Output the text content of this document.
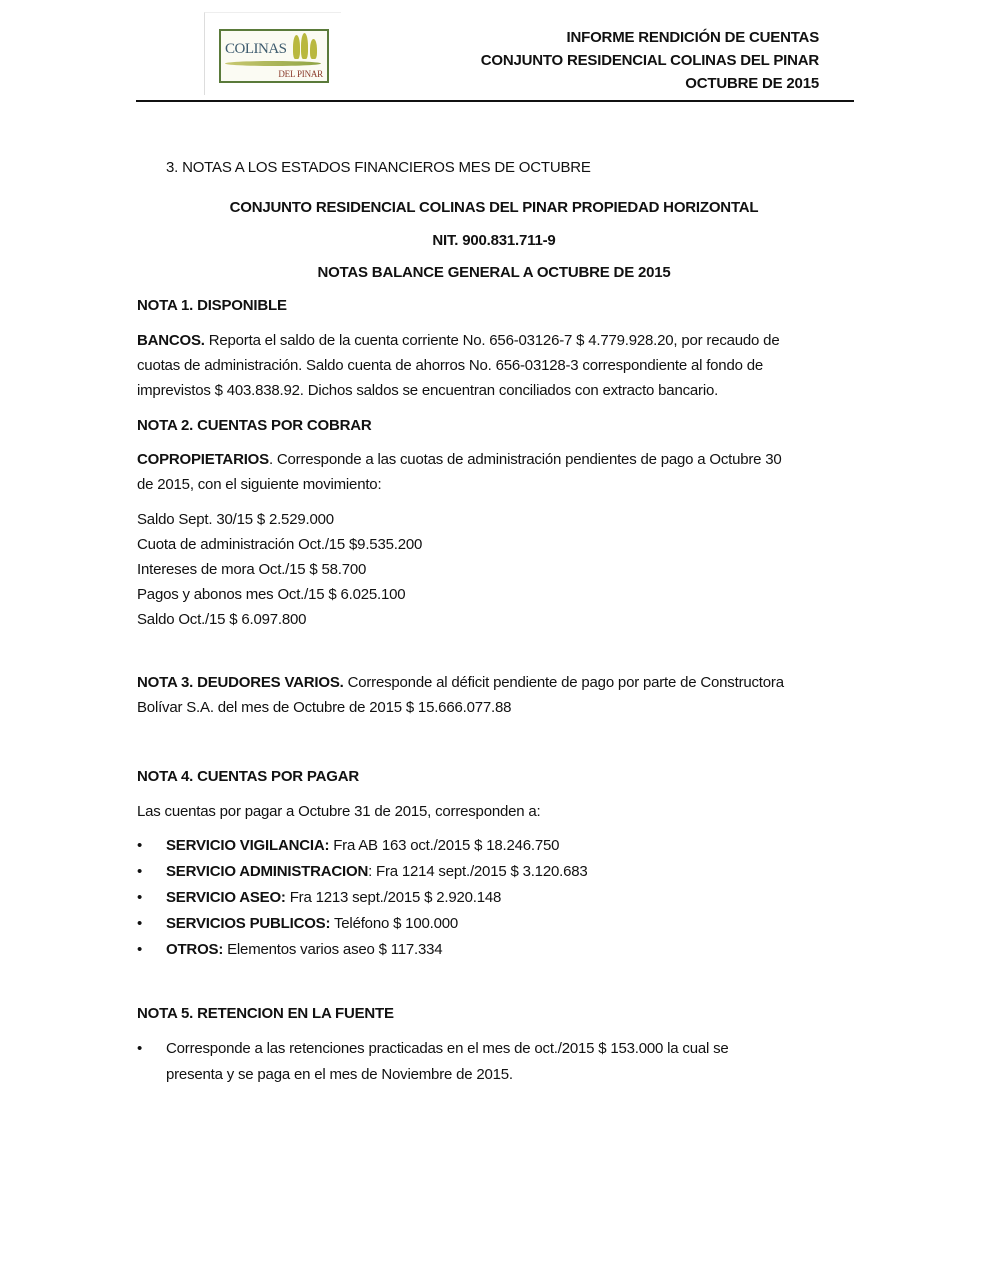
COLINAS
DEL PINAR
INFORME RENDICIÓN DE CUENTAS
CONJUNTO RESIDENCIAL COLINAS DEL PINAR
OCTUBRE DE 2015
3. NOTAS A LOS ESTADOS FINANCIEROS MES DE OCTUBRE
CONJUNTO RESIDENCIAL COLINAS DEL PINAR PROPIEDAD HORIZONTAL
NIT. 900.831.711-9
NOTAS BALANCE GENERAL A OCTUBRE DE 2015
NOTA 1. DISPONIBLE
BANCOS. Reporta el saldo de la cuenta corriente No. 656-03126-7 $ 4.779.928.20, por recaudo de
cuotas de administración. Saldo cuenta de ahorros No. 656-03128-3 correspondiente al fondo de
imprevistos $ 403.838.92. Dichos saldos se encuentran conciliados con extracto bancario.
NOTA 2. CUENTAS POR COBRAR
COPROPIETARIOS. Corresponde a las cuotas de administración pendientes de pago a Octubre 30
de 2015, con el siguiente movimiento:
Saldo Sept. 30/15 $ 2.529.000
Cuota de administración Oct./15 $9.535.200
Intereses de mora Oct./15 $ 58.700
Pagos y abonos mes Oct./15 $ 6.025.100
Saldo Oct./15 $ 6.097.800
NOTA 3. DEUDORES VARIOS. Corresponde al déficit pendiente de pago por parte de Constructora
Bolívar S.A. del mes de Octubre de 2015 $ 15.666.077.88
NOTA 4. CUENTAS POR PAGAR
Las cuentas por pagar a Octubre 31 de 2015, corresponden a:
• SERVICIO VIGILANCIA: Fra AB 163 oct./2015 $ 18.246.750
• SERVICIO ADMINISTRACION: Fra 1214 sept./2015 $ 3.120.683
• SERVICIO ASEO: Fra 1213 sept./2015 $ 2.920.148
• SERVICIOS PUBLICOS: Teléfono $ 100.000
• OTROS: Elementos varios aseo $ 117.334
NOTA 5. RETENCION EN LA FUENTE
• Corresponde a las retenciones practicadas en el mes de oct./2015 $ 153.000 la cual se
presenta y se paga en el mes de Noviembre de 2015.
